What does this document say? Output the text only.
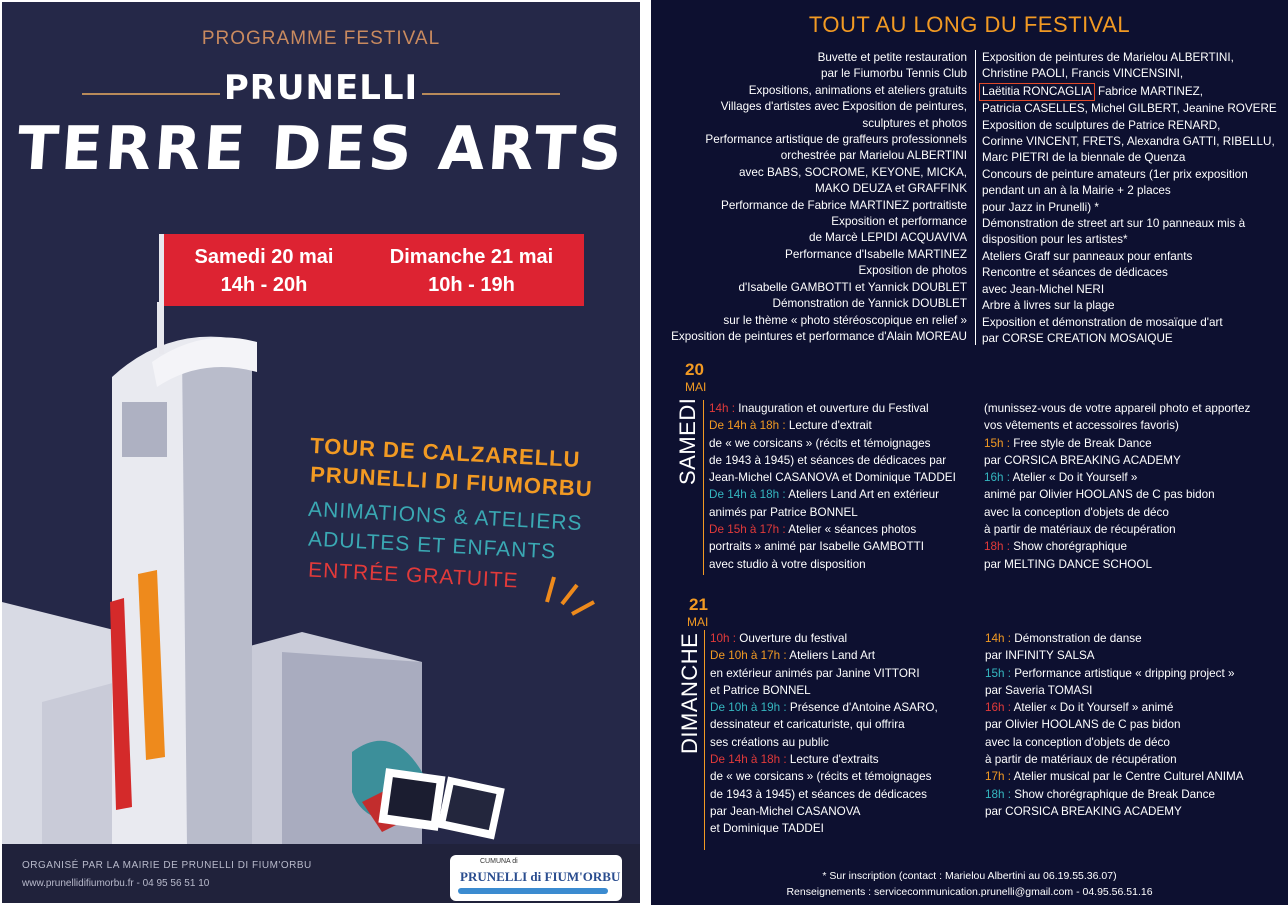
PROGRAMME FESTIVAL
PRUNELLI
TERRE DES ARTS
Samedi 20 mai
14h - 20h
Dimanche 21 mai
10h - 19h
TOUR DE CALZARELLU
PRUNELLI DI FIUMORBU
ANIMATIONS & ATELIERS
ADULTES ET ENFANTS
ENTRÉE GRATUITE
ORGANISÉ PAR LA MAIRIE DE PRUNELLI DI FIUM'ORBU
www.prunellidifiumorbu.fr - 04 95 56 51 10
CUMUNA di
PRUNELLI di FIUM'ORBU
TOUT AU LONG DU FESTIVAL
Buvette et petite restauration
par le Fiumorbu Tennis Club
Expositions, animations et ateliers gratuits
Villages d'artistes avec Exposition de peintures,
sculptures et photos
Performance artistique de graffeurs professionnels
orchestrée par Marielou ALBERTINI
avec BABS, SOCROME, KEYONE, MICKA,
MAKO DEUZA et GRAFFINK
Performance de Fabrice MARTINEZ portraitiste
Exposition et performance
de Marcè LEPIDI ACQUAVIVA
Performance d'Isabelle MARTINEZ
Exposition de photos
d'Isabelle GAMBOTTI et Yannick DOUBLET
Démonstration de Yannick DOUBLET
sur le thème « photo stéréoscopique en relief »
Exposition de peintures et performance d'Alain MOREAU
Exposition de peintures de Marielou ALBERTINI,
Christine PAOLI, Francis VINCENSINI,
Laëtitia RONCAGLIA Fabrice MARTINEZ,
Patricia CASELLES, Michel GILBERT, Jeanine ROVERE
Exposition de sculptures de Patrice RENARD,
Corinne VINCENT, FRETS, Alexandra GATTI, RIBELLU,
Marc PIETRI de la biennale de Quenza
Concours de peinture amateurs (1er prix exposition
pendant un an à la Mairie + 2 places
pour Jazz in Prunelli) *
Démonstration de street art sur 10 panneaux mis à
disposition pour les artistes*
Ateliers Graff sur panneaux pour enfants
Rencontre et séances de dédicaces
avec Jean-Michel NERI
Arbre à livres sur la plage
Exposition et démonstration de mosaïque d'art
par CORSE CREATION MOSAIQUE
20
MAI
SAMEDI 14h : Inauguration et ouverture du Festival
De 14h à 18h : Lecture d'extrait
de « we corsicans » (récits et témoignages
de 1943 à 1945) et séances de dédicaces par
Jean-Michel CASANOVA et Dominique TADDEI
De 14h à 18h : Ateliers Land Art en extérieur
animés par Patrice BONNEL
De 15h à 17h : Atelier « séances photos
portraits » animé par Isabelle GAMBOTTI
avec studio à votre disposition
(munissez-vous de votre appareil photo et apportez
vos vêtements et accessoires favoris)
15h : Free style de Break Dance
par CORSICA BREAKING ACADEMY
16h : Atelier « Do it Yourself »
animé par Olivier HOOLANS de C pas bidon
avec la conception d'objets de déco
à partir de matériaux de récupération
18h : Show chorégraphique
par MELTING DANCE SCHOOL
21
MAI
DIMANCHE 10h : Ouverture du festival
De 10h à 17h : Ateliers Land Art
en extérieur animés par Janine VITTORI
et Patrice BONNEL
De 10h à 19h : Présence d'Antoine ASARO,
dessinateur et caricaturiste, qui offrira
ses créations au public
De 14h à 18h : Lecture d'extraits
de « we corsicans » (récits et témoignages
de 1943 à 1945) et séances de dédicaces
par Jean-Michel CASANOVA
et Dominique TADDEI
14h : Démonstration de danse
par INFINITY SALSA
15h : Performance artistique « dripping project »
par Saveria TOMASI
16h : Atelier « Do it Yourself » animé
par Olivier HOOLANS de C pas bidon
avec la conception d'objets de déco
à partir de matériaux de récupération
17h : Atelier musical par le Centre Culturel ANIMA
18h : Show chorégraphique de Break Dance
par CORSICA BREAKING ACADEMY
* Sur inscription (contact : Marielou Albertini au 06.19.55.36.07)
Renseignements : servicecommunication.prunelli@gmail.com - 04.95.56.51.16
